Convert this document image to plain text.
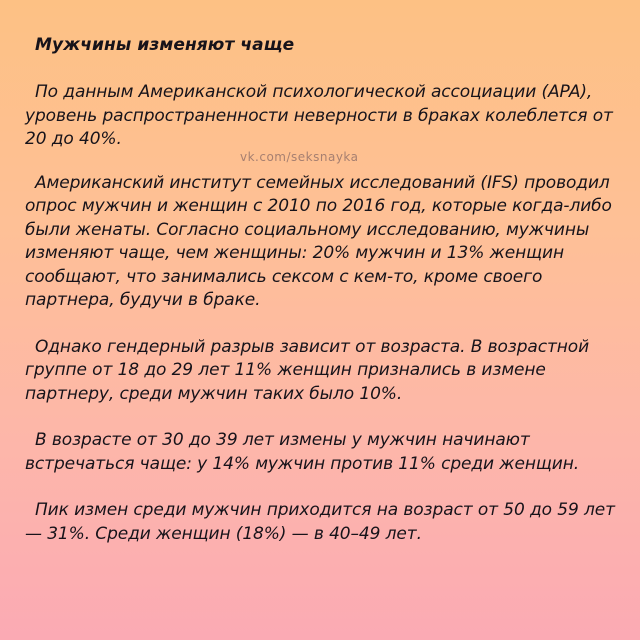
Мужчины изменяют чаще

По данным Американской психологической ассоциации (APA), уровень распространенности неверности в браках колеблется от 20 до 40%.

Американский институт семейных исследований (IFS) проводил опрос мужчин и женщин с 2010 по 2016 год, которые когда-либо были женаты. Согласно социальному исследованию, мужчины изменяют чаще, чем женщины: 20% мужчин и 13% женщин сообщают, что занимались сексом с кем-то, кроме своего партнера, будучи в браке.

Однако гендерный разрыв зависит от возраста. В возрастной группе от 18 до 29 лет 11% женщин признались в измене партнеру, среди мужчин таких было 10%.

В возрасте от 30 до 39 лет измены у мужчин начинают встречаться чаще: у 14% мужчин против 11% среди женщин.

Пик измен среди мужчин приходится на возраст от 50 до 59 лет — 31%. Среди женщин (18%) — в 40–49 лет.

vk.com/seksnayka
